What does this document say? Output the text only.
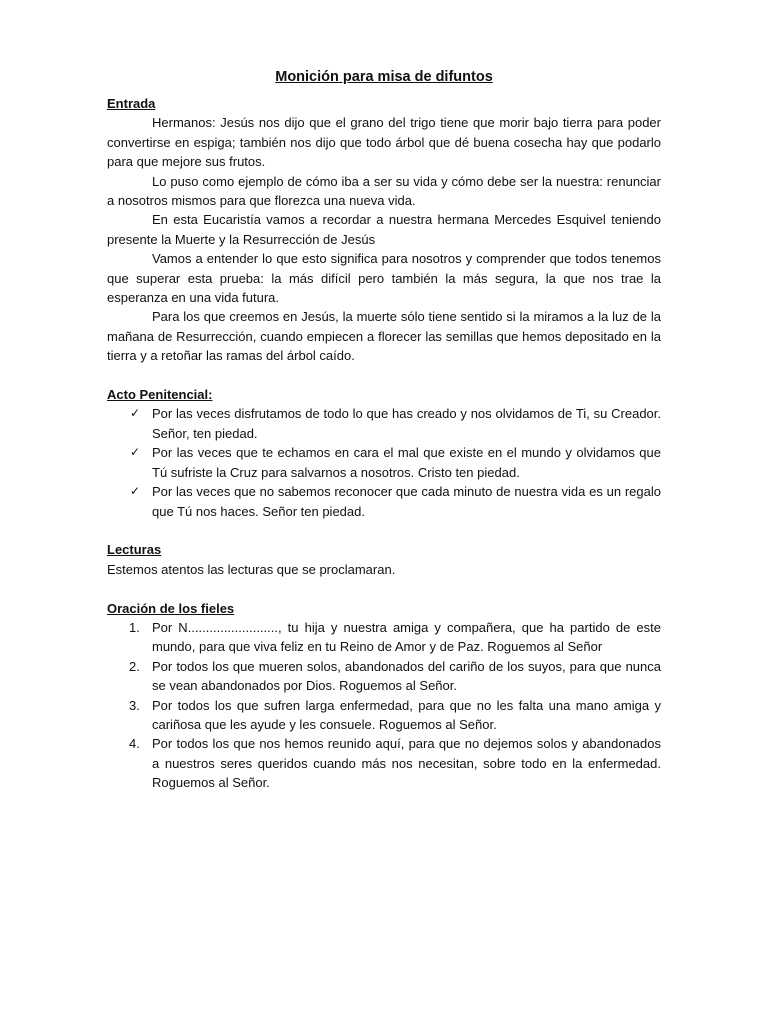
Monición para misa de difuntos
Entrada

Hermanos: Jesús nos dijo que el grano del trigo tiene que morir bajo tierra para poder convertirse en espiga; también nos dijo que todo árbol que dé buena cosecha hay que podarlo para que mejore sus frutos.

Lo puso como ejemplo de cómo iba a ser su vida y cómo debe ser la nuestra: renunciar a nosotros mismos para que florezca una nueva vida.

En esta Eucaristía vamos a recordar a nuestra hermana Mercedes Esquivel teniendo presente la Muerte y la Resurrección de Jesús

Vamos a entender lo que esto significa para nosotros y comprender que todos tenemos que superar esta prueba: la más difícil pero también la más segura, la que nos trae la esperanza en una vida futura.

Para los que creemos en Jesús, la muerte sólo tiene sentido si la miramos a la luz de la mañana de Resurrección, cuando empiecen a florecer las semillas que hemos depositado en la tierra y a retoñar las ramas del árbol caído.

Acto Penitencial:
✓ Por las veces disfrutamos de todo lo que has creado y nos olvidamos de Ti, su Creador. Señor, ten piedad.
✓ Por las veces que te echamos en cara el mal que existe en el mundo y olvidamos que Tú sufriste la Cruz para salvarnos a nosotros. Cristo ten piedad.
✓ Por las veces que no sabemos reconocer que cada minuto de nuestra vida es un regalo que Tú nos haces. Señor ten piedad.
Lecturas

Estemos atentos las lecturas que se proclamaran.

Oración de los fieles
1. Por N........................., tu hija y nuestra amiga y compañera, que ha partido de este mundo, para que viva feliz en tu Reino de Amor y de Paz. Roguemos al Señor
2. Por todos los que mueren solos, abandonados del cariño de los suyos, para que nunca se vean abandonados por Dios. Roguemos al Señor.
3. Por todos los que sufren larga enfermedad, para que no les falta una mano amiga y cariñosa que les ayude y les consuele. Roguemos al Señor.
4. Por todos los que nos hemos reunido aquí, para que no dejemos solos y abandonados a nuestros seres queridos cuando más nos necesitan, sobre todo en la enfermedad. Roguemos al Señor.
